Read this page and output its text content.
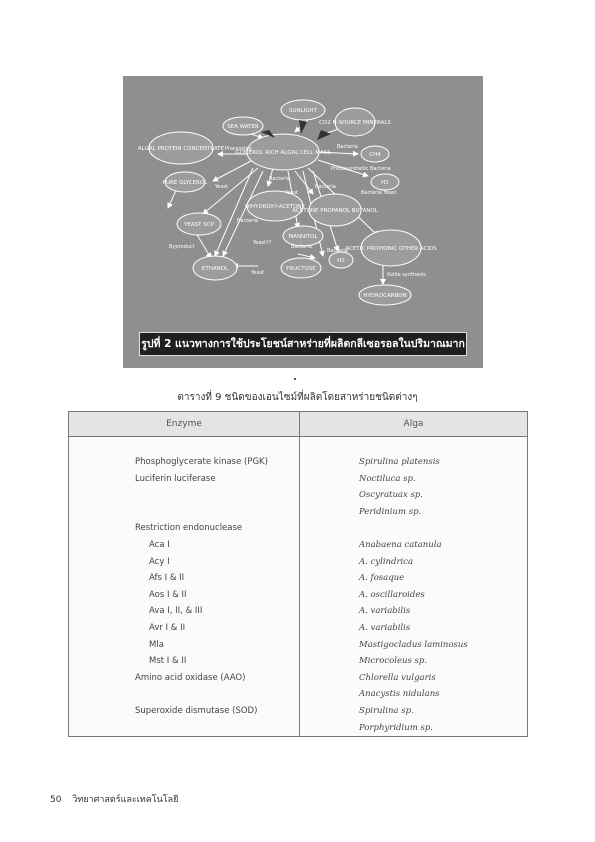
SUNLIGHT
CO2 N-SOURCE MINERALS
SEA WATER
GLYCEROL RICH ALGAL CELL MASS
ALGAL PROTEIN CONCENTRATE
PURE GLYCEROL
CH4
H2
DIHYDROXY-ACETONE
ACETONE PROPANOL BUTANOL
YEAST SCP
MANNITOL
ACETIC PROPIONIC OTHER ACIDS
ETHANOL	FRUCTOSE
H2
HYDROCARBON
Processing	Bacteria
Photosynthetic Bacteria
Yeast
Bacteria
Bacteria
Yeast	Bacteria Yeast
Bacteria
Byproduct
Yeast??
Bacteria
Bacteria
Yeast	Kolbe synthesis
รูปที่ 2 แนวทางการใช้ประโยชน์สาหร่ายที่ผลิตกลีเซอรอลในปริมาณมาก
ตารางที่ 9 ชนิดของเอนไซม์ที่ผลิตโดยสาหร่ายชนิดต่างๆ
Enzyme	Alga
Phosphoglycerate kinase (PGK)	Spirulina platensis
Luciferin luciferase	Noctiluca sp.
Oscyratuax sp.
Peridinium sp.
Restriction endonuclease
Aca I	Anabaena catanula
Acy I	A. cylindrica
Afs I & II	A. fosaque
Aos I & II	A. oscillaroides
Ava I, II, & III	A. variabilis
Avr I & II	A. variabilis
Mla	Mastigocladus laminosus
Mst I & II	Microcoleus sp.
Amino acid oxidase (AAO)	Chlorella vulgaris
Anacystis nidulans
Superoxide dismutase (SOD)	Spirulina sp.
Porphyridium sp.
50 วิทยาศาสตร์และเทคโนโลยี
